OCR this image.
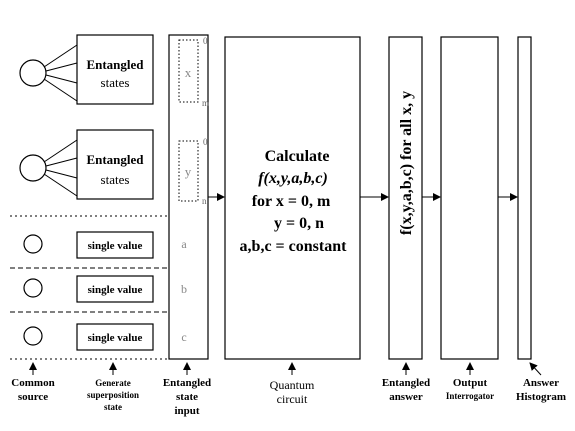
Entangled
states
Entangled
states
single value
single value
single value
0
x
m
0
y
n
a
b
c
Calculate
f(x,y,a,b,c)
for x = 0, m
y = 0, n
a,b,c = constant
f(x,y,a,b,c) for all x, y
Common
source
Generate
superposition
state
Entangled
state
input
Quantum
circuit
Entangled
answer
Output
Interrogator
Answer
Histogram
